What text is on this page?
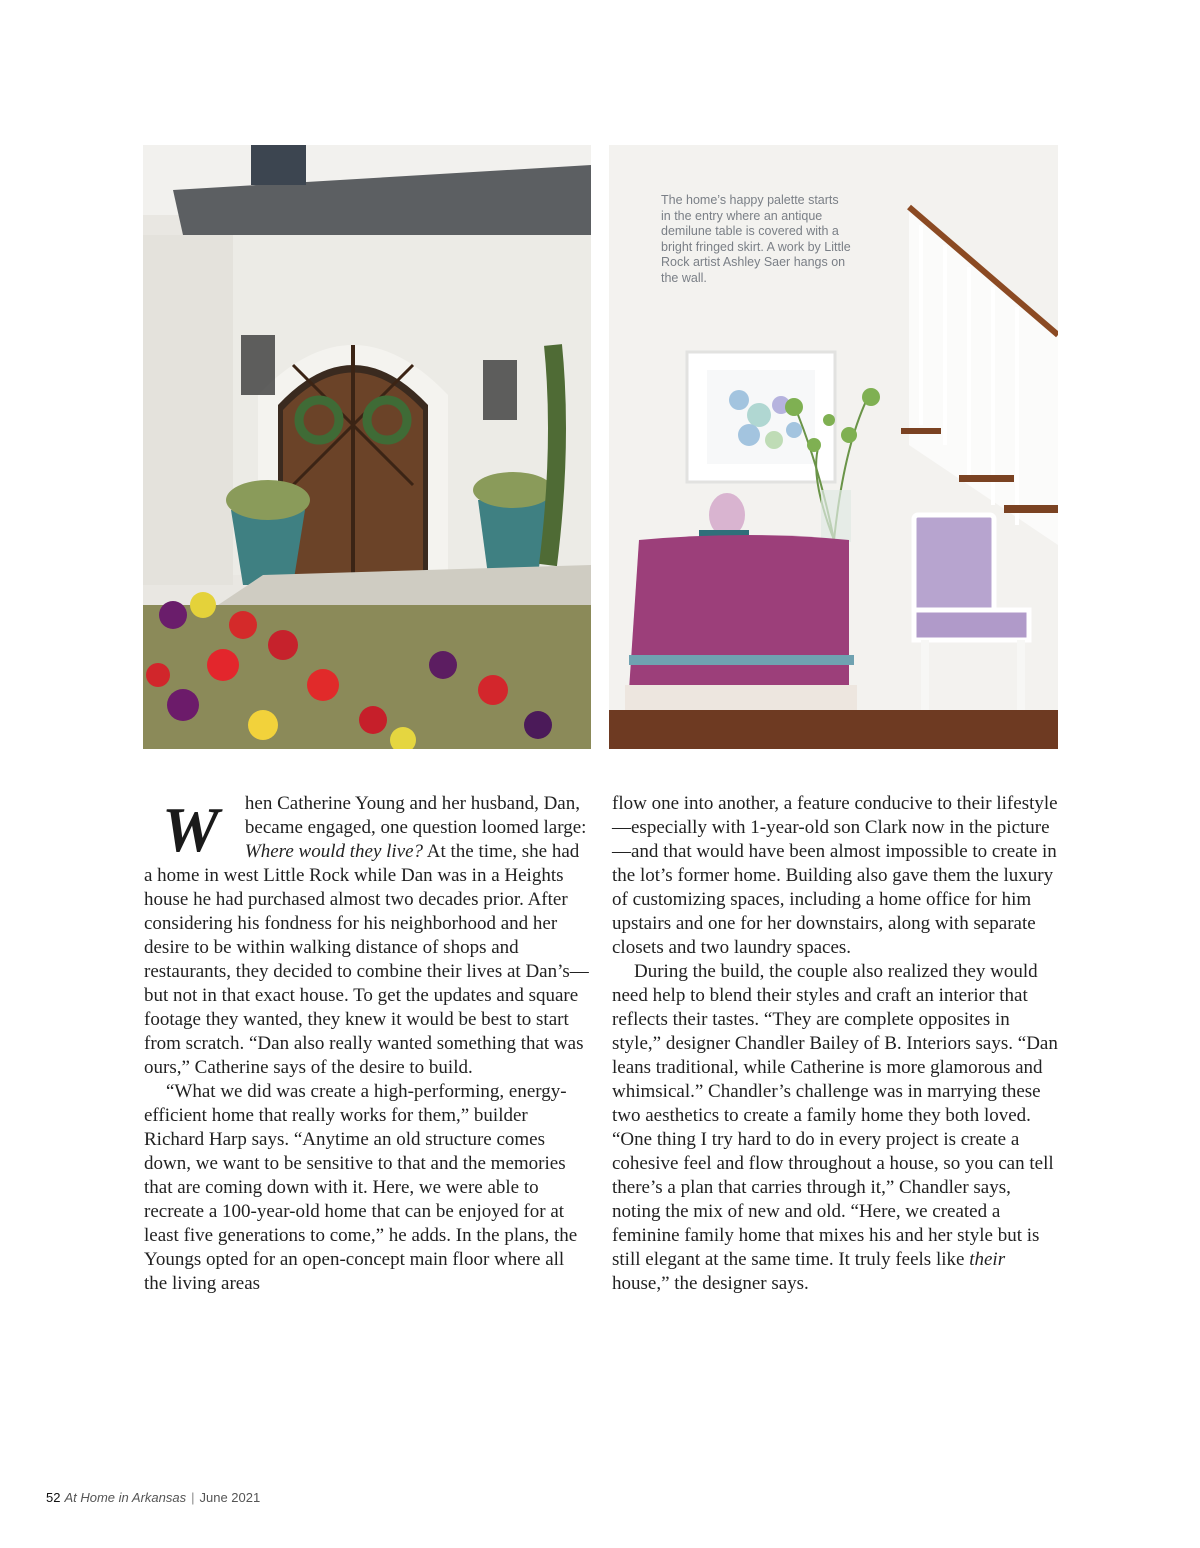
The home’s happy palette starts in the entry where an antique demilune table is covered with a bright fringed skirt. A work by Little Rock artist Ashley Saer hangs on the wall.

W hen Catherine Young and her husband, Dan, became engaged, one question loomed large: Where would they live? At the time, she had a home in west Little Rock while Dan was in a Heights house he had purchased almost two decades prior. After considering his fondness for his neighborhood and her desire to be within walking distance of shops and restaurants, they decided to combine their lives at Dan’s—but not in that exact house. To get the updates and square footage they wanted, they knew it would be best to start from scratch. “Dan also really wanted something that was ours,” Catherine says of the desire to build.

“What we did was create a high-performing, energy-efficient home that really works for them,” builder Richard Harp says. “Anytime an old structure comes down, we want to be sensitive to that and the memories that are coming down with it. Here, we were able to recreate a 100-year-old home that can be enjoyed for at least five generations to come,” he adds. In the plans, the Youngs opted for an open-concept main floor where all the living areas

flow one into another, a feature conducive to their lifestyle—especially with 1-year-old son Clark now in the picture—and that would have been almost impossible to create in the lot’s former home. Building also gave them the luxury of customizing spaces, including a home office for him upstairs and one for her downstairs, along with separate closets and two laundry spaces.

During the build, the couple also realized they would need help to blend their styles and craft an interior that reflects their tastes. “They are complete opposites in style,” designer Chandler Bailey of B. Interiors says. “Dan leans traditional, while Catherine is more glamorous and whimsical.” Chandler’s challenge was in marrying these two aesthetics to create a family home they both loved. “One thing I try hard to do in every project is create a cohesive feel and flow throughout a house, so you can tell there’s a plan that carries through it,” Chandler says, noting the mix of new and old. “Here, we created a feminine family home that mixes his and her style but is still elegant at the same time. It truly feels like their house,” the designer says.

52 At Home in Arkansas | June 2021
